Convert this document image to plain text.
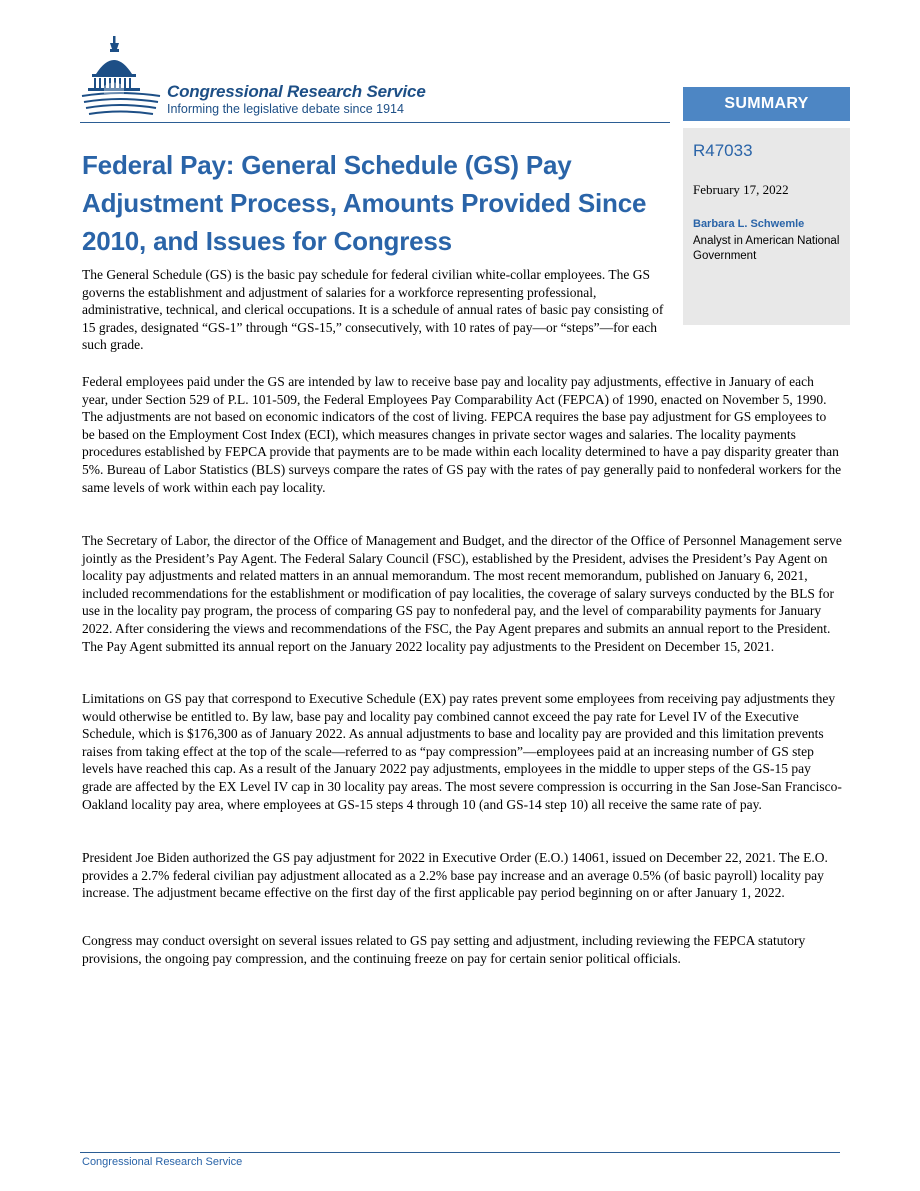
Congressional Research Service

Informing the legislative debate since 1914	SUMMARY
R47033
February 17, 2022
Barbara L. Schwemle
Analyst in American National Government
Federal Pay: General Schedule (GS) Pay Adjustment Process, Amounts Provided Since 2010, and Issues for Congress

The General Schedule (GS) is the basic pay schedule for federal civilian white-collar employees. The GS governs the establishment and adjustment of salaries for a workforce representing professional, administrative, technical, and clerical occupations. It is a schedule of annual rates of basic pay consisting of 15 grades, designated “GS-1” through “GS-15,” consecutively, with 10 rates of pay—or “steps”—for each such grade.

Federal employees paid under the GS are intended by law to receive base pay and locality pay adjustments, effective in January of each year, under Section 529 of P.L. 101-509, the Federal Employees Pay Comparability Act (FEPCA) of 1990, enacted on November 5, 1990. The adjustments are not based on economic indicators of the cost of living. FEPCA requires the base pay adjustment for GS employees to be based on the Employment Cost Index (ECI), which measures changes in private sector wages and salaries. The locality payments procedures established by FEPCA provide that payments are to be made within each locality determined to have a pay disparity greater than 5%. Bureau of Labor Statistics (BLS) surveys compare the rates of GS pay with the rates of pay generally paid to nonfederal workers for the same levels of work within each pay locality.

The Secretary of Labor, the director of the Office of Management and Budget, and the director of the Office of Personnel Management serve jointly as the President’s Pay Agent. The Federal Salary Council (FSC), established by the President, advises the President’s Pay Agent on locality pay adjustments and related matters in an annual memorandum. The most recent memorandum, published on January 6, 2021, included recommendations for the establishment or modification of pay localities, the coverage of salary surveys conducted by the BLS for use in the locality pay program, the process of comparing GS pay to nonfederal pay, and the level of comparability payments for January 2022. After considering the views and recommendations of the FSC, the Pay Agent prepares and submits an annual report to the President. The Pay Agent submitted its annual report on the January 2022 locality pay adjustments to the President on December 15, 2021.

Limitations on GS pay that correspond to Executive Schedule (EX) pay rates prevent some employees from receiving pay adjustments they would otherwise be entitled to. By law, base pay and locality pay combined cannot exceed the pay rate for Level IV of the Executive Schedule, which is $176,300 as of January 2022. As annual adjustments to base and locality pay are provided and this limitation prevents raises from taking effect at the top of the scale—referred to as “pay compression”—employees paid at an increasing number of GS step levels have reached this cap. As a result of the January 2022 pay adjustments, employees in the middle to upper steps of the GS-15 pay grade are affected by the EX Level IV cap in 30 locality pay areas. The most severe compression is occurring in the San Jose-San Francisco-Oakland locality pay area, where employees at GS-15 steps 4 through 10 (and GS-14 step 10) all receive the same rate of pay.

President Joe Biden authorized the GS pay adjustment for 2022 in Executive Order (E.O.) 14061, issued on December 22, 2021. The E.O. provides a 2.7% federal civilian pay adjustment allocated as a 2.2% base pay increase and an average 0.5% (of basic payroll) locality pay increase. The adjustment became effective on the first day of the first applicable pay period beginning on or after January 1, 2022.

Congress may conduct oversight on several issues related to GS pay setting and adjustment, including reviewing the FEPCA statutory provisions, the ongoing pay compression, and the continuing freeze on pay for certain senior political officials.

Congressional Research Service
